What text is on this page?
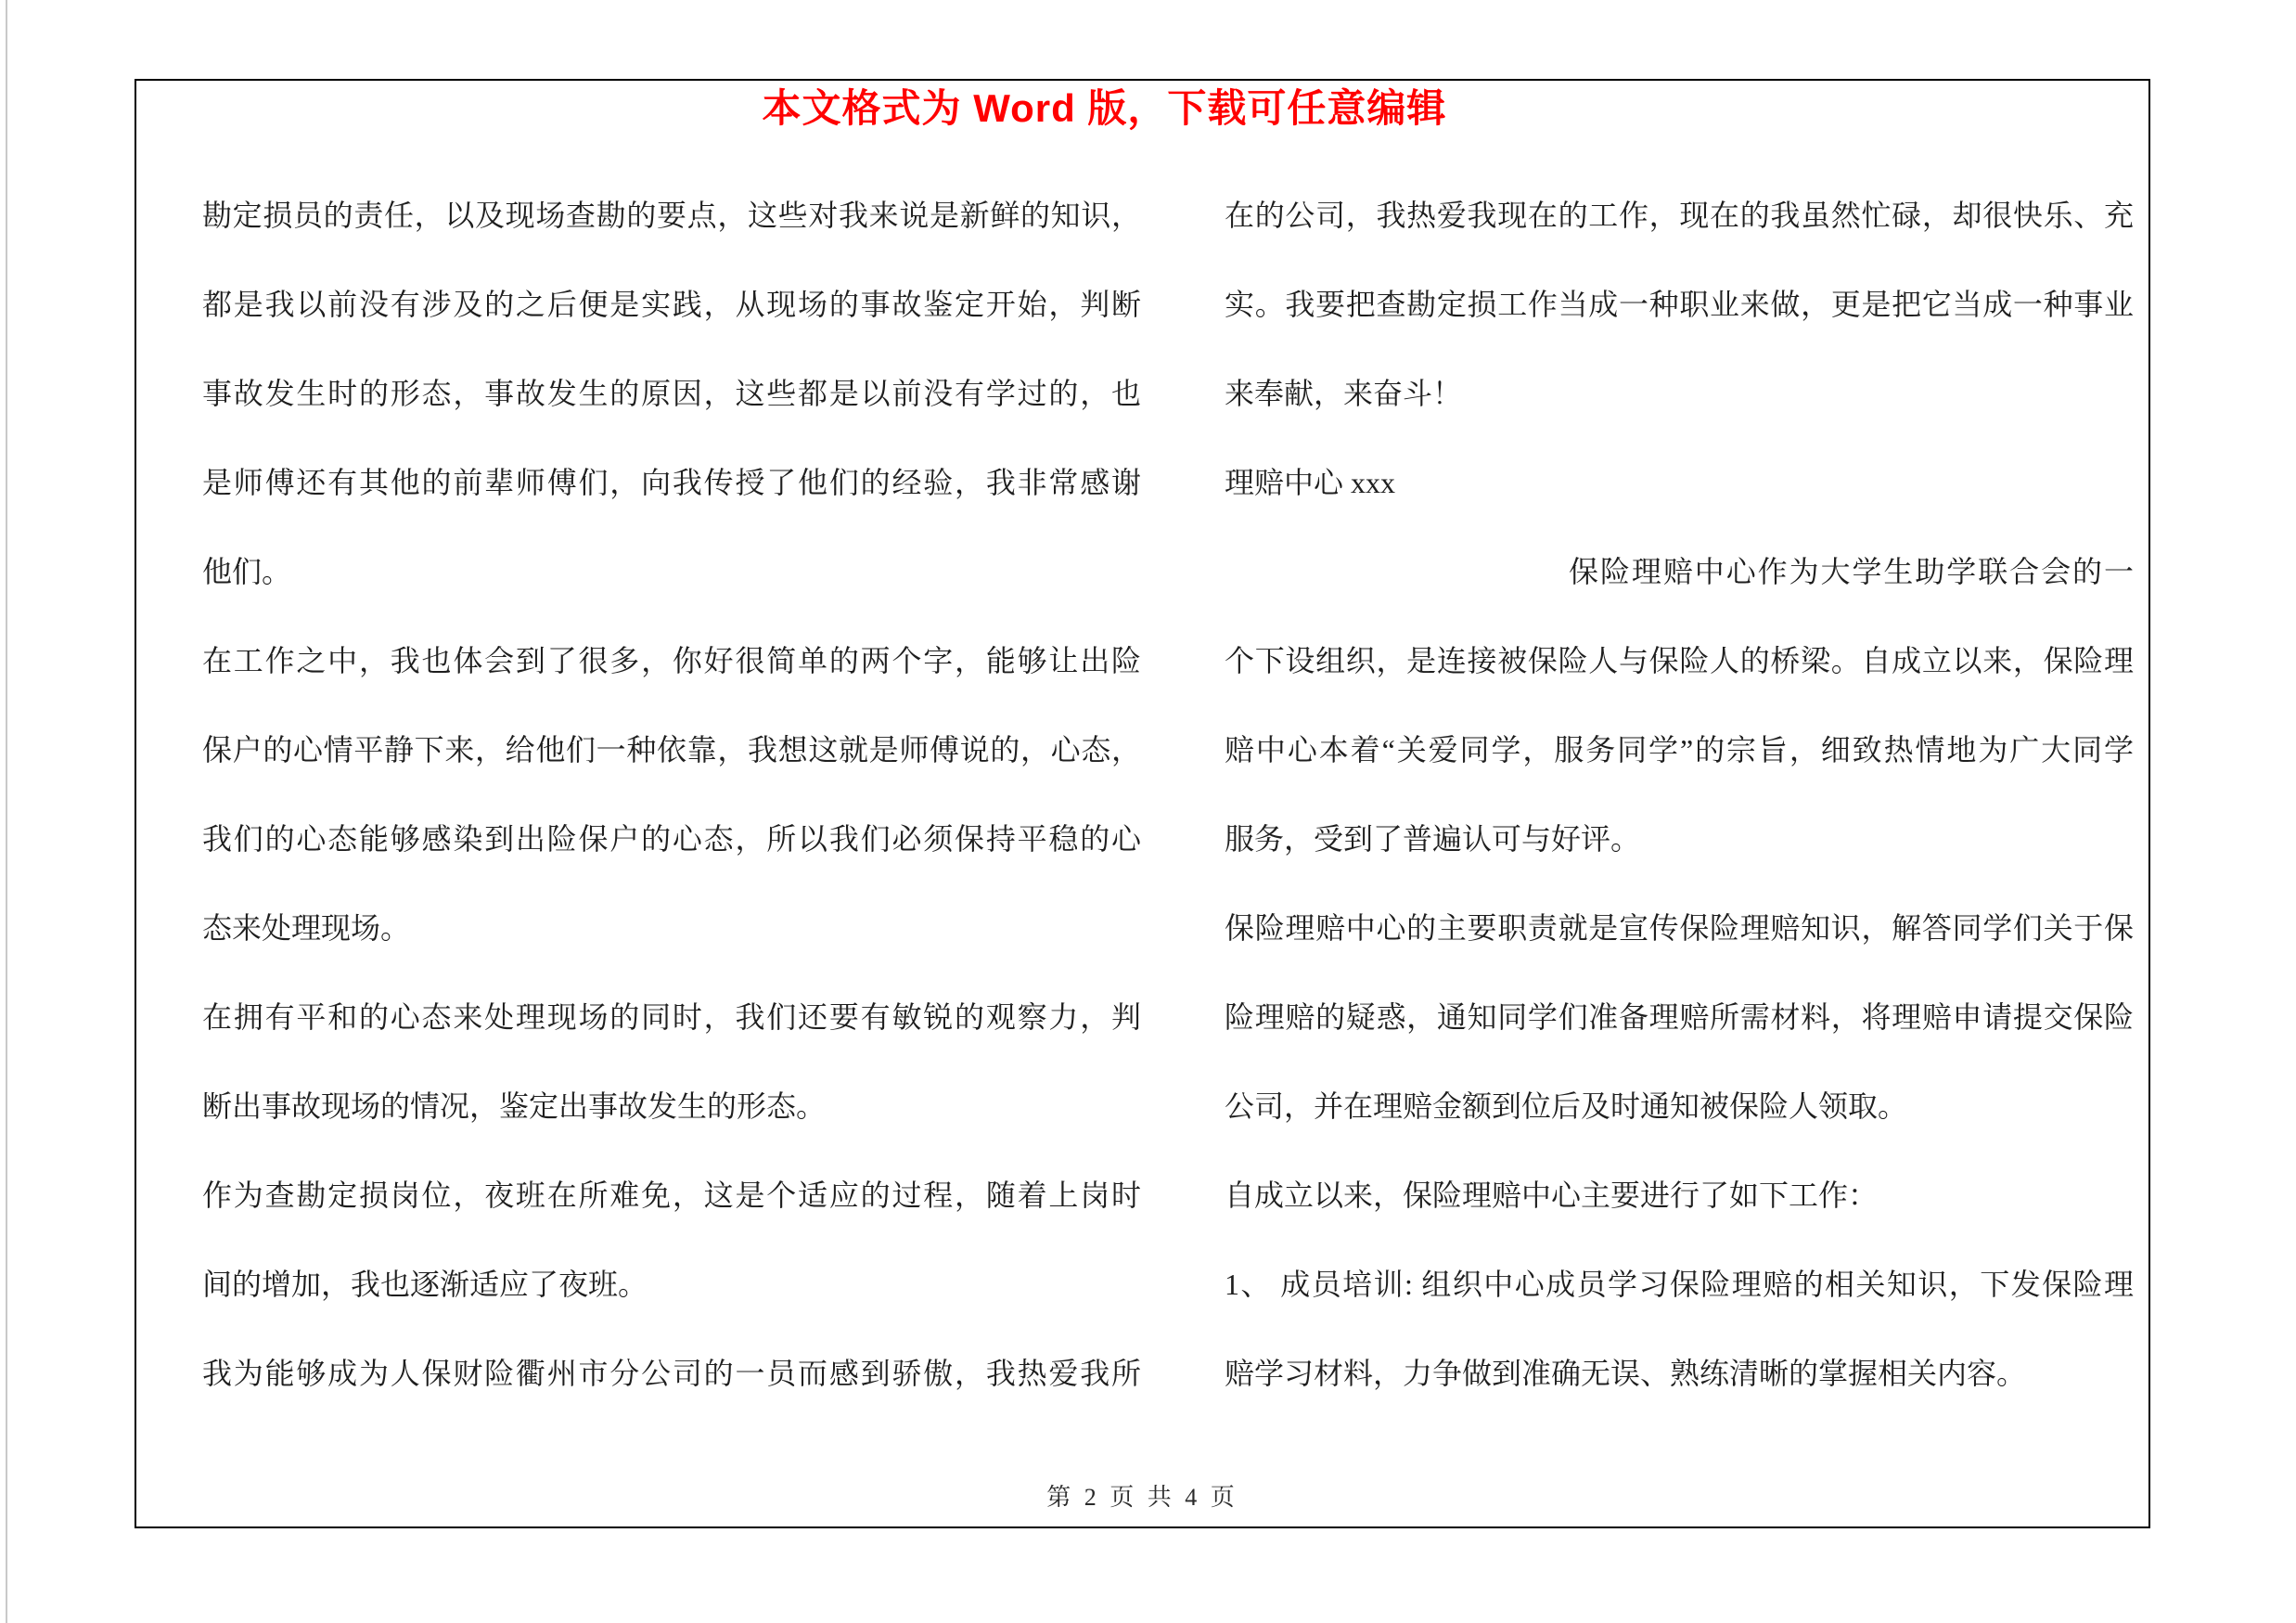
本文格式为 Word 版，下载可任意编辑
勘定损员的责任，以及现场查勘的要点，这些对我来说是新鲜的知识，
都是我以前没有涉及的之后便是实践，从现场的事故鉴定开始，判断
事故发生时的形态，事故发生的原因，这些都是以前没有学过的，也
是师傅还有其他的前辈师傅们，向我传授了他们的经验，我非常感谢
他们。
在工作之中，我也体会到了很多，你好很简单的两个字，能够让出险
保户的心情平静下来，给他们一种依靠，我想这就是师傅说的，心态，
我们的心态能够感染到出险保户的心态，所以我们必须保持平稳的心
态来处理现场。
在拥有平和的心态来处理现场的同时，我们还要有敏锐的观察力，判
断出事故现场的情况，鉴定出事故发生的形态。
作为查勘定损岗位，夜班在所难免，这是个适应的过程，随着上岗时
间的增加，我也逐渐适应了夜班。
我为能够成为人保财险衢州市分公司的一员而感到骄傲，我热爱我所
在的公司，我热爱我现在的工作，现在的我虽然忙碌，却很快乐、充
实。我要把查勘定损工作当成一种职业来做，更是把它当成一种事业
来奉献，来奋斗！
理赔中心 xxx
保险理赔中心作为大学生助学联合会的一
个下设组织，是连接被保险人与保险人的桥梁。自成立以来，保险理
赔中心本着“关爱同学，服务同学”的宗旨，细致热情地为广大同学
服务，受到了普遍认可与好评。
保险理赔中心的主要职责就是宣传保险理赔知识，解答同学们关于保
险理赔的疑惑，通知同学们准备理赔所需材料，将理赔申请提交保险
公司，并在理赔金额到位后及时通知被保险人领取。
自成立以来，保险理赔中心主要进行了如下工作：
1、 成员培训: 组织中心成员学习保险理赔的相关知识，下发保险理
赔学习材料，力争做到准确无误、熟练清晰的掌握相关内容。
第 2 页 共 4 页
